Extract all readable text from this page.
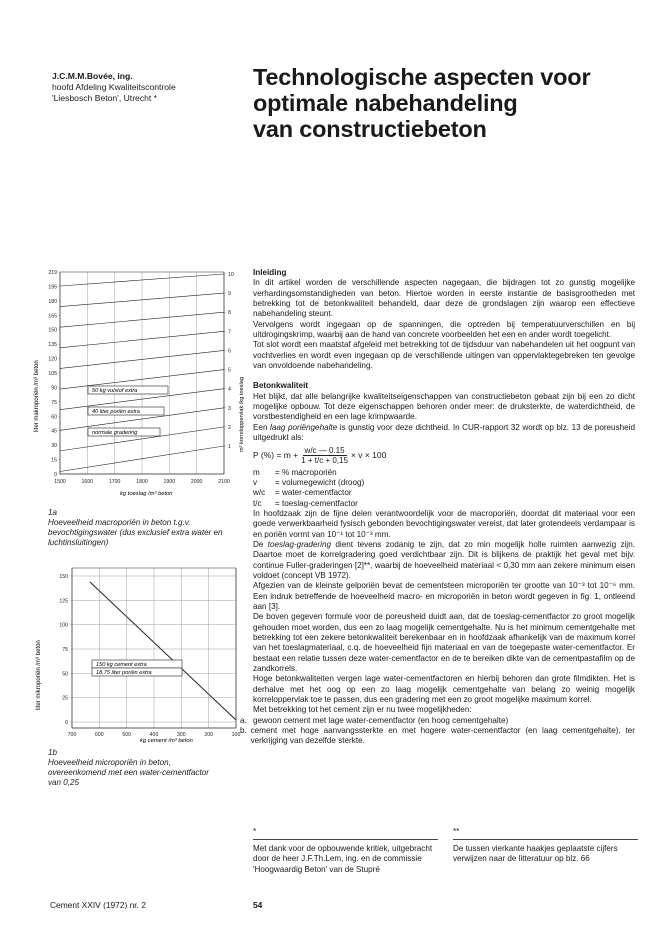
J.C.M.M.Bovée, ing.
hoofd Afdeling Kwaliteitscontrole
'Liesbosch Beton', Utrecht *
Technologische aspecten voor
optimale nabehandeling
van constructiebeton
219
195
180
165
150
135
120
105
90
75
60
45
30
15
0
10
9
8
7
6
5
4
3
2
1
1500	1600	1700	1800	1900	2000	2100
50 kg vulstof extra
40 liter poriën extra
normale gradering
liter makroporiën /m³ beton	m² korreloppervlak /kg toeslag
kg toeslag /m³ beton
1a
Hoeveelheid macroporiën in beton t.g.v. bevochtigingswater (dus exclusief extra water en luchtinsluitingen)
150
125
100
75
50
25
0
700	600	500	400	300	200	100
150 kg cement extra
18,75 liter poriën extra
liter mikroporiën /m³ beton
kg cement /m³ beton
1b
Hoeveelheid microporiën in beton, overeenkomend met een water-cementfactor van 0,25

Inleiding

In dit artikel worden de verschillende aspecten nagegaan, die bijdragen tot zo gunstig mogelijke verhardingsomstandigheden van beton. Hiertoe worden in eerste instantie de basisgrootheden met betrekking tot de betonkwaliteit behandeld, daar deze de grondslagen zijn waarop een effectieve nabehandeling steunt.

Vervolgens wordt ingegaan op de spanningen, die optreden bij temperatuurverschillen en bij uitdrogingskrimp, waarbij aan de hand van concrete voorbeelden het een en ander wordt toegelicht.

Tot slot wordt een maatstaf afgeleid met betrekking tot de tijdsduur van nabehandelen uit het oogpunt van vochtverlies en wordt even ingegaan op de verschillende uitingen van oppervlaktegebreken ten gevolge van onvoldoende nabehandeling.

Betonkwaliteit

Het blijkt, dat alle belangrijke kwaliteitseigenschappen van constructiebeton gebaat zijn bij een zo dicht mogelijke opbouw. Tot deze eigenschappen behoren onder meer: de druksterkte, de waterdichtheid, de vorstbestendigheid en een lage krimpwaarde.

Een laag poriëngehalte is gunstig voor deze dichtheid. In CUR-rapport 32 wordt op blz. 13 de poreusheid uitgedrukt als:

P (%) = $m + \frac{w/c — 0.15}{1 + t/c + 0,15} \times v \times 100$
m	= % macroporiën
v	= volumegewicht (droog)
w/c	= water-cementfactor
t/c	= toeslag-cementfactor

In hoofdzaak zijn de fijne delen verantwoordelijk voor de macroporiën, doordat dit materiaal voor een goede verwerkbaarheid fysisch gebonden bevochtigingswater vereist, dat later grotendeels verdampaar is en poriën vormt van 10⁻¹ tot 10⁻³ mm.

De toeslag-gradering dient tevens zodanig te zijn, dat zo min mogelijk holle ruimten aanwezig zijn. Daartoe moet de korrelgradering goed verdichtbaar zijn. Dit is blijkens de praktijk het geval met bijv. continue Fuller-graderingen [2]**, waarbij de hoeveelheid materiaal < 0,30 mm aan zekere minimum eisen voldoet (concept VB 1972).

Afgezien van de kleinste gelporiën bevat de cementsteen microporiën ter grootte van 10⁻³ tot 10⁻⁶ mm. Een indruk betreffende de hoeveelheid macro- en microporiën in beton wordt gegeven in fig. 1, ontleend aan [3].

De boven gegeven formule voor de poreusheid duidt aan, dat de toeslag-cementfactor zo groot mogelijk gehouden moet worden, dus een zo laag mogelijk cementgehalte. Nu is het minimum cementgehalte met betrekking tot een zekere betonkwaliteit berekenbaar en in hoofdzaak afhankelijk van de maximum korrel van het toeslagmateriaal, c.q. de hoeveelheid fijn materiaal en van de toegepaste water-cementfactor. Er bestaat een relatie tussen deze water-cementfactor en de te bereiken dikte van de cementpastafilm op de zandkorrels.

Hoge betonkwaliteiten vergen lage water-cementfactoren en hierbij behoren dan grote filmdikten. Het is derhalve met het oog op een zo laag mogelijk cementgehalte van belang zo weinig mogelijk korreloppervlak toe te passen, dus een gradering met een zo groot mogelijke maximum korrel.

Met betrekking tot het cement zijn er nu twee mogelijkheden:

a. gewoon cement met lage water-cementfactor (en hoog cementgehalte)
b. cement met hoge aanvangssterkte en met hogere water-cementfactor (en laag cementgehalte), ter verkrijging van dezelfde sterkte.
*
Met dank voor de opbouwende kritiek, uitgebracht door de heer J.F.Th.Lem, ing. en de commissie 'Hoogwaardig Beton' van de Stupré
**
De tussen vierkante haakjes geplaatste cijfers verwijzen naar de litteratuur op blz. 66
Cement XXIV (1972) nr. 2	54
